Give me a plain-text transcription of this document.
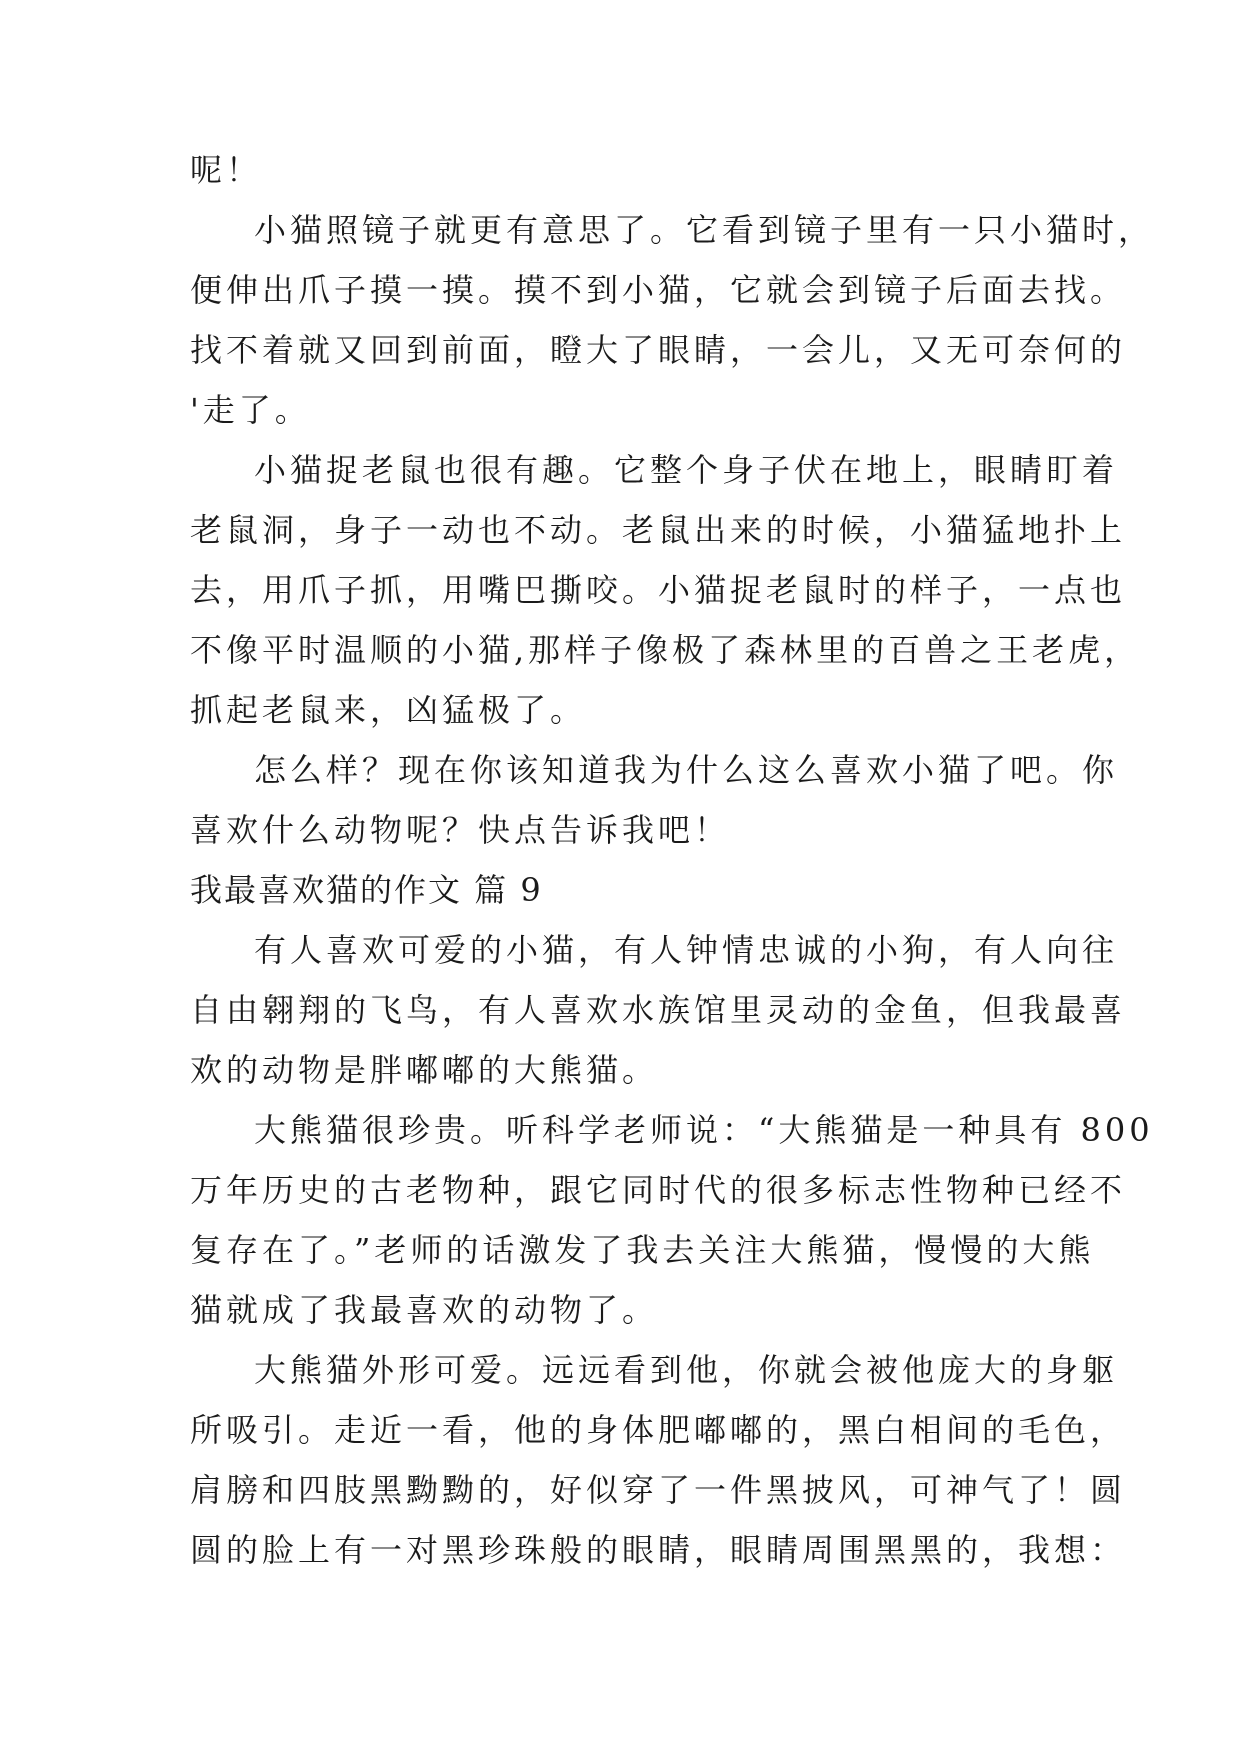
呢！
小猫照镜子就更有意思了。它看到镜子里有一只小猫时，
便伸出爪子摸一摸。摸不到小猫，它就会到镜子后面去找。
找不着就又回到前面，瞪大了眼睛，一会儿，又无可奈何的
'走了。
小猫捉老鼠也很有趣。它整个身子伏在地上，眼睛盯着
老鼠洞，身子一动也不动。老鼠出来的时候，小猫猛地扑上
去，用爪子抓，用嘴巴撕咬。小猫捉老鼠时的样子，一点也
不像平时温顺的小猫,那样子像极了森林里的百兽之王老虎，
抓起老鼠来，凶猛极了。
怎么样？现在你该知道我为什么这么喜欢小猫了吧。你
喜欢什么动物呢？快点告诉我吧！
我最喜欢猫的作文 篇 9
有人喜欢可爱的小猫，有人钟情忠诚的小狗，有人向往
自由翱翔的飞鸟，有人喜欢水族馆里灵动的金鱼，但我最喜
欢的动物是胖嘟嘟的大熊猫。
大熊猫很珍贵。听科学老师说：“大熊猫是一种具有 800
万年历史的古老物种，跟它同时代的很多标志性物种已经不
复存在了。”老师的话激发了我去关注大熊猫，慢慢的大熊
猫就成了我最喜欢的动物了。
大熊猫外形可爱。远远看到他，你就会被他庞大的身躯
所吸引。走近一看，他的身体肥嘟嘟的，黑白相间的毛色，
肩膀和四肢黑黝黝的，好似穿了一件黑披风，可神气了！圆
圆的脸上有一对黑珍珠般的眼睛，眼睛周围黑黑的，我想：
